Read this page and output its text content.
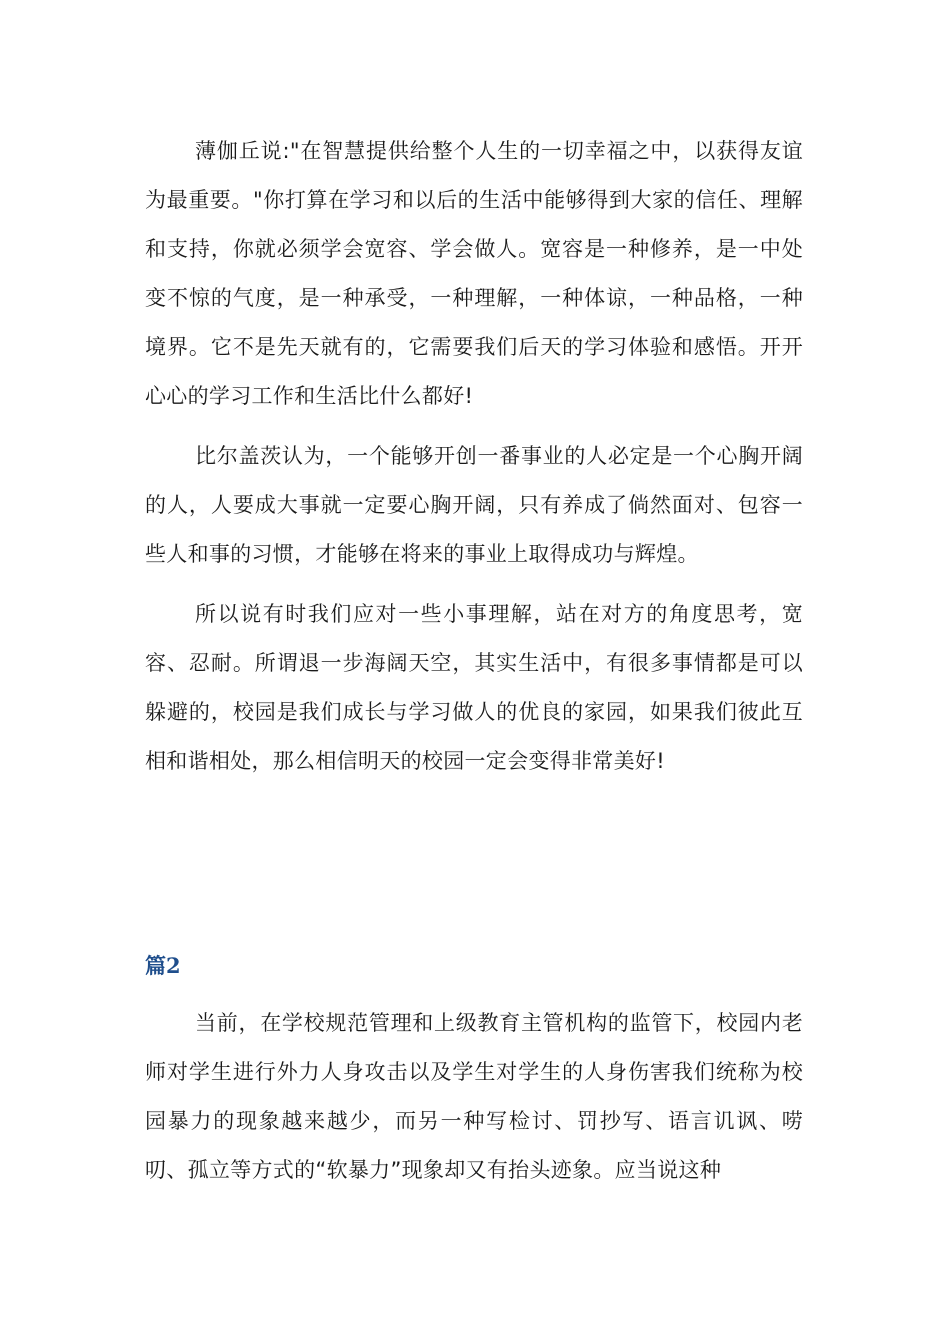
薄伽丘说:"在智慧提供给整个人生的一切幸福之中，以获得友谊为最重要。"你打算在学习和以后的生活中能够得到大家的信任、理解和支持，你就必须学会宽容、学会做人。宽容是一种修养，是一中处变不惊的气度，是一种承受，一种理解，一种体谅，一种品格，一种境界。它不是先天就有的，它需要我们后天的学习体验和感悟。开开心心的学习工作和生活比什么都好!

比尔盖茨认为，一个能够开创一番事业的人必定是一个心胸开阔的人，人要成大事就一定要心胸开阔，只有养成了倘然面对、包容一些人和事的习惯，才能够在将来的事业上取得成功与辉煌。

所以说有时我们应对一些小事理解，站在对方的角度思考，宽容、忍耐。所谓退一步海阔天空，其实生活中，有很多事情都是可以躲避的，校园是我们成长与学习做人的优良的家园，如果我们彼此互相和谐相处，那么相信明天的校园一定会变得非常美好!

篇2

当前，在学校规范管理和上级教育主管机构的监管下，校园内老师对学生进行外力人身攻击以及学生对学生的人身伤害我们统称为校园暴力的现象越来越少，而另一种写检讨、罚抄写、语言讥讽、唠叨、孤立等方式的“软暴力”现象却又有抬头迹象。应当说这种
